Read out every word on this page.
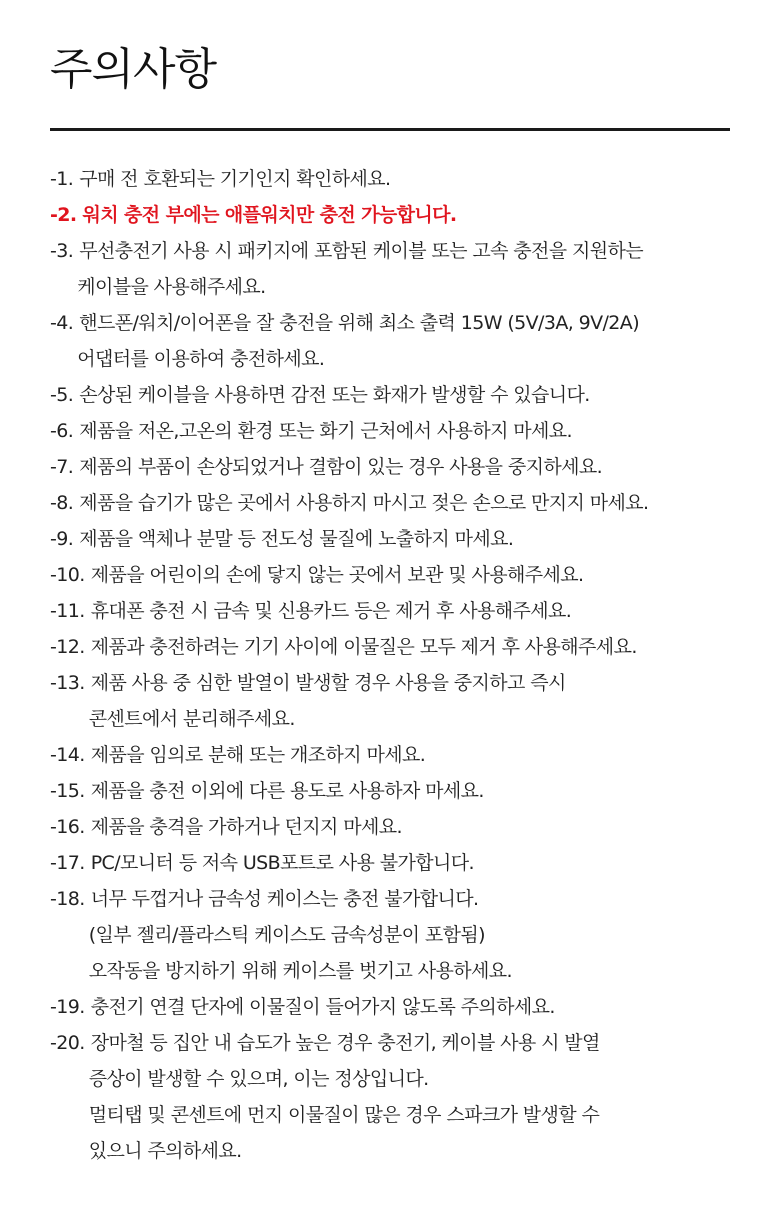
주의사항
-1. 구매 전 호환되는 기기인지 확인하세요.
-2. 워치 충전 부에는 애플워치만 충전 가능합니다.
-3. 무선충전기 사용 시 패키지에 포함된 케이블 또는 고속 충전을 지원하는
케이블을 사용해주세요.
-4. 핸드폰/워치/이어폰을 잘 충전을 위해 최소 출력 15W (5V/3A, 9V/2A)
어댑터를 이용하여 충전하세요.
-5. 손상된 케이블을 사용하면 감전 또는 화재가 발생할 수 있습니다.
-6. 제품을 저온,고온의 환경 또는 화기 근처에서 사용하지 마세요.
-7. 제품의 부품이 손상되었거나 결함이 있는 경우 사용을 중지하세요.
-8. 제품을 습기가 많은 곳에서 사용하지 마시고 젖은 손으로 만지지 마세요.
-9. 제품을 액체나 분말 등 전도성 물질에 노출하지 마세요.
-10. 제품을 어린이의 손에 닿지 않는 곳에서 보관 및 사용해주세요.
-11. 휴대폰 충전 시 금속 및 신용카드 등은 제거 후 사용해주세요.
-12. 제품과 충전하려는 기기 사이에 이물질은 모두 제거 후 사용해주세요.
-13. 제품 사용 중 심한 발열이 발생할 경우 사용을 중지하고 즉시
콘센트에서 분리해주세요.
-14. 제품을 임의로 분해 또는 개조하지 마세요.
-15. 제품을 충전 이외에 다른 용도로 사용하자 마세요.
-16. 제품을 충격을 가하거나 던지지 마세요.
-17. PC/모니터 등 저속 USB포트로 사용 불가합니다.
-18. 너무 두껍거나 금속성 케이스는 충전 불가합니다.
(일부 젤리/플라스틱 케이스도 금속성분이 포함됨)
오작동을 방지하기 위해 케이스를 벗기고 사용하세요.
-19. 충전기 연결 단자에 이물질이 들어가지 않도록 주의하세요.
-20. 장마철 등 집안 내 습도가 높은 경우 충전기, 케이블 사용 시 발열
증상이 발생할 수 있으며, 이는 정상입니다.
멀티탭 및 콘센트에 먼지 이물질이 많은 경우 스파크가 발생할 수
있으니 주의하세요.
